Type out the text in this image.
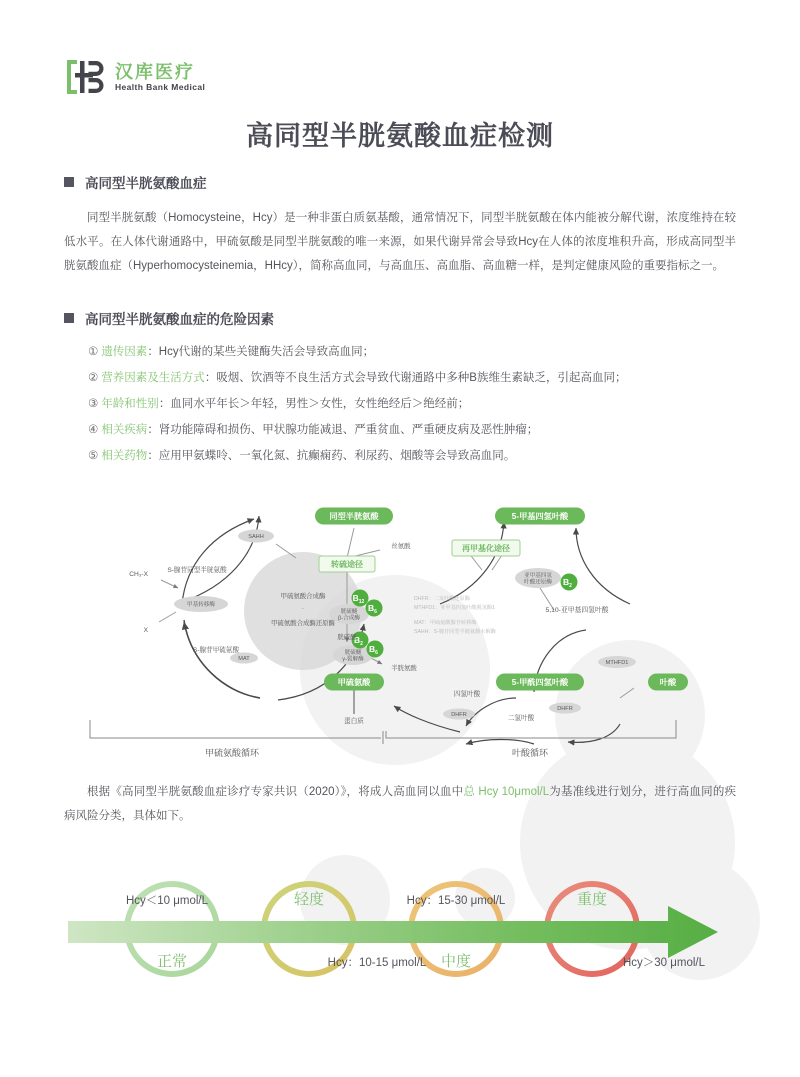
汉库医疗
Health Bank Medical
高同型半胱氨酸血症检测
高同型半胱氨酸血症
同型半胱氨酸（Homocysteine，Hcy）是一种非蛋白质氨基酸，通常情况下，同型半胱氨酸在体内能被分解代谢，浓度维持在较低水平。在人体代谢通路中，甲硫氨酸是同型半胱氨酸的唯一来源，如果代谢异常会导致Hcy在人体的浓度堆积升高，形成高同型半胱氨酸血症（Hyperhomocysteinemia，HHcy），简称高血同，与高血压、高血脂、高血糖一样，是判定健康风险的重要指标之一。
高同型半胱氨酸血症的危险因素
① 遗传因素：Hcy代谢的某些关键酶失活会导致高血同；
② 营养因素及生活方式：吸烟、饮酒等不良生活方式会导致代谢通路中多种B族维生素缺乏，引起高血同；
③ 年龄和性别：血同水平年长＞年轻，男性＞女性，女性绝经后＞绝经前；
④ 相关疾病：肾功能障碍和损伤、甲状腺功能减退、严重贫血、严重硬皮病及恶性肿瘤；
⑤ 相关药物：应用甲氨蝶呤、一氧化氮、抗癫痫药、利尿药、烟酸等会导致高血同。
同型半胱氨酸
甲硫氨酸
5-甲基四氢叶酸
5-甲酰四氢叶酸	叶酸
转硫途径
再甲基化途径
SAHH
甲基转移酶
胱硫醚
β-合成酶
胱硫醚
γ-裂解酶
MAT
亚甲基四氢
叶酸还原酶
MTHFD1
DHFR
DHFR
甲硫氨酸合成酶
·
甲硫氨酸合成酶还原酶
$B_6$
$B_6$
$B_{12}$
$B_2$
$B_2$
S-腺苷同型半胱氨酸
S-腺苷甲硫氨酸
CH₃-X
X
丝氨酸
胱硫醚
半胱氨酸
蛋白质
5,10-亚甲基四氢叶酸
四氢叶酸
二氢叶酸
DHFR：二氢叶酸还原酶
MTHFD1：亚甲基四氢叶酸脱氢酶1
MAT：甲硫氨酸腺苷转移酶
SAHH：S-腺苷同型半胱氨酸水解酶
甲硫氨酸循环	叶酸循环
根据《高同型半胱氨酸血症诊疗专家共识（2020）》，将成人高血同以血中总 Hcy 10μmol/L为基准线进行划分，进行高血同的疾病风险分类，具体如下。
正常
Hcy＜10 μmol/L	轻度
Hcy：10-15 μmol/L 中度
Hcy：15-30 μmol/L	重度
Hcy＞30 μmol/L
